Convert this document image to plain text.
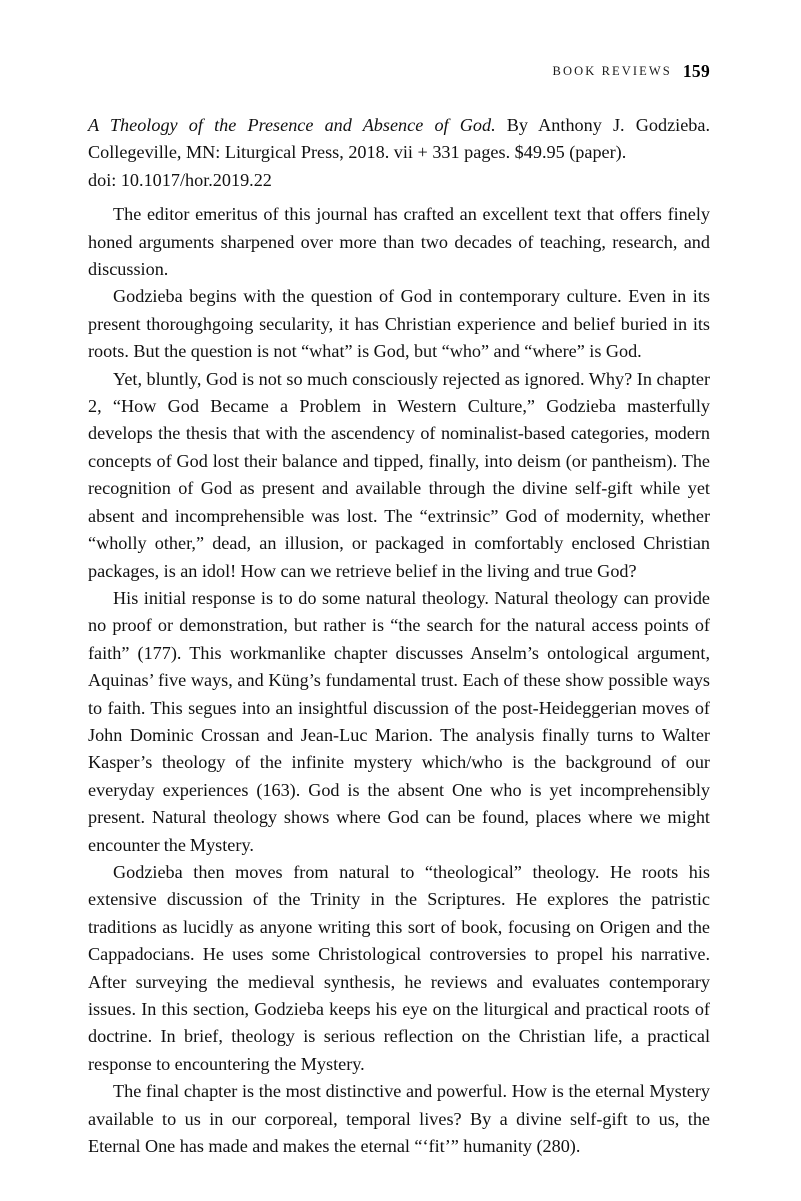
BOOK REVIEWS 159

A Theology of the Presence and Absence of God. By Anthony J. Godzieba. Collegeville, MN: Liturgical Press, 2018. vii + 331 pages. $49.95 (paper).

doi: 10.1017/hor.2019.22

The editor emeritus of this journal has crafted an excellent text that offers finely honed arguments sharpened over more than two decades of teaching, research, and discussion.

Godzieba begins with the question of God in contemporary culture. Even in its present thoroughgoing secularity, it has Christian experience and belief buried in its roots. But the question is not “what” is God, but “who” and “where” is God.

Yet, bluntly, God is not so much consciously rejected as ignored. Why? In chapter 2, “How God Became a Problem in Western Culture,” Godzieba masterfully develops the thesis that with the ascendency of nominalist-based categories, modern concepts of God lost their balance and tipped, finally, into deism (or pantheism). The recognition of God as present and available through the divine self-gift while yet absent and incomprehensible was lost. The “extrinsic” God of modernity, whether “wholly other,” dead, an illusion, or packaged in comfortably enclosed Christian packages, is an idol! How can we retrieve belief in the living and true God?

His initial response is to do some natural theology. Natural theology can provide no proof or demonstration, but rather is “the search for the natural access points of faith” (177). This workmanlike chapter discusses Anselm’s ontological argument, Aquinas’ five ways, and Küng’s fundamental trust. Each of these show possible ways to faith. This segues into an insightful discussion of the post-Heideggerian moves of John Dominic Crossan and Jean-Luc Marion. The analysis finally turns to Walter Kasper’s theology of the infinite mystery which/who is the background of our everyday experiences (163). God is the absent One who is yet incomprehensibly present. Natural theology shows where God can be found, places where we might encounter the Mystery.

Godzieba then moves from natural to “theological” theology. He roots his extensive discussion of the Trinity in the Scriptures. He explores the patristic traditions as lucidly as anyone writing this sort of book, focusing on Origen and the Cappadocians. He uses some Christological controversies to propel his narrative. After surveying the medieval synthesis, he reviews and evaluates contemporary issues. In this section, Godzieba keeps his eye on the liturgical and practical roots of doctrine. In brief, theology is serious reflection on the Christian life, a practical response to encountering the Mystery.

The final chapter is the most distinctive and powerful. How is the eternal Mystery available to us in our corporeal, temporal lives? By a divine self-gift to us, the Eternal One has made and makes the eternal “‘fit’” humanity (280).
